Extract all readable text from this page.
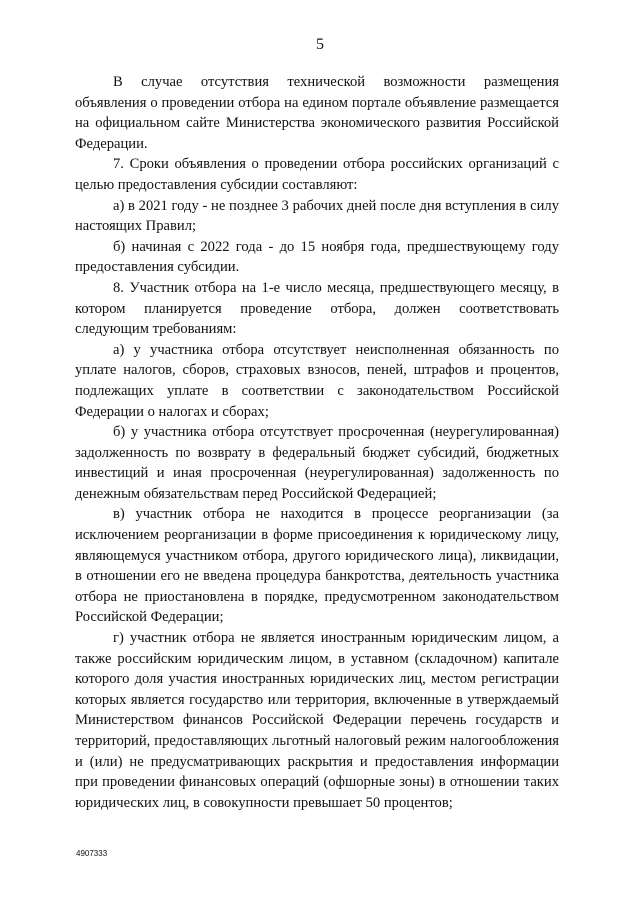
5

В случае отсутствия технической возможности размещения объявления о проведении отбора на едином портале объявление размещается на официальном сайте Министерства экономического развития Российской Федерации.

7. Сроки объявления о проведении отбора российских организаций с целью предоставления субсидии составляют:

а) в 2021 году - не позднее 3 рабочих дней после дня вступления в силу настоящих Правил;

б) начиная с 2022 года - до 15 ноября года, предшествующему году предоставления субсидии.

8. Участник отбора на 1-е число месяца, предшествующего месяцу, в котором планируется проведение отбора, должен соответствовать следующим требованиям:

а) у участника отбора отсутствует неисполненная обязанность по уплате налогов, сборов, страховых взносов, пеней, штрафов и процентов, подлежащих уплате в соответствии с законодательством Российской Федерации о налогах и сборах;

б) у участника отбора отсутствует просроченная (неурегулированная) задолженность по возврату в федеральный бюджет субсидий, бюджетных инвестиций и иная просроченная (неурегулированная) задолженность по денежным обязательствам перед Российской Федерацией;

в) участник отбора не находится в процессе реорганизации (за исключением реорганизации в форме присоединения к юридическому лицу, являющемуся участником отбора, другого юридического лица), ликвидации, в отношении его не введена процедура банкротства, деятельность участника отбора не приостановлена в порядке, предусмотренном законодательством Российской Федерации;

г) участник отбора не является иностранным юридическим лицом, а также российским юридическим лицом, в уставном (складочном) капитале которого доля участия иностранных юридических лиц, местом регистрации которых является государство или территория, включенные в утверждаемый Министерством финансов Российской Федерации перечень государств и территорий, предоставляющих льготный налоговый режим налогообложения и (или) не предусматривающих раскрытия и предоставления информации при проведении финансовых операций (офшорные зоны) в отношении таких юридических лиц, в совокупности превышает 50 процентов;

4907333
